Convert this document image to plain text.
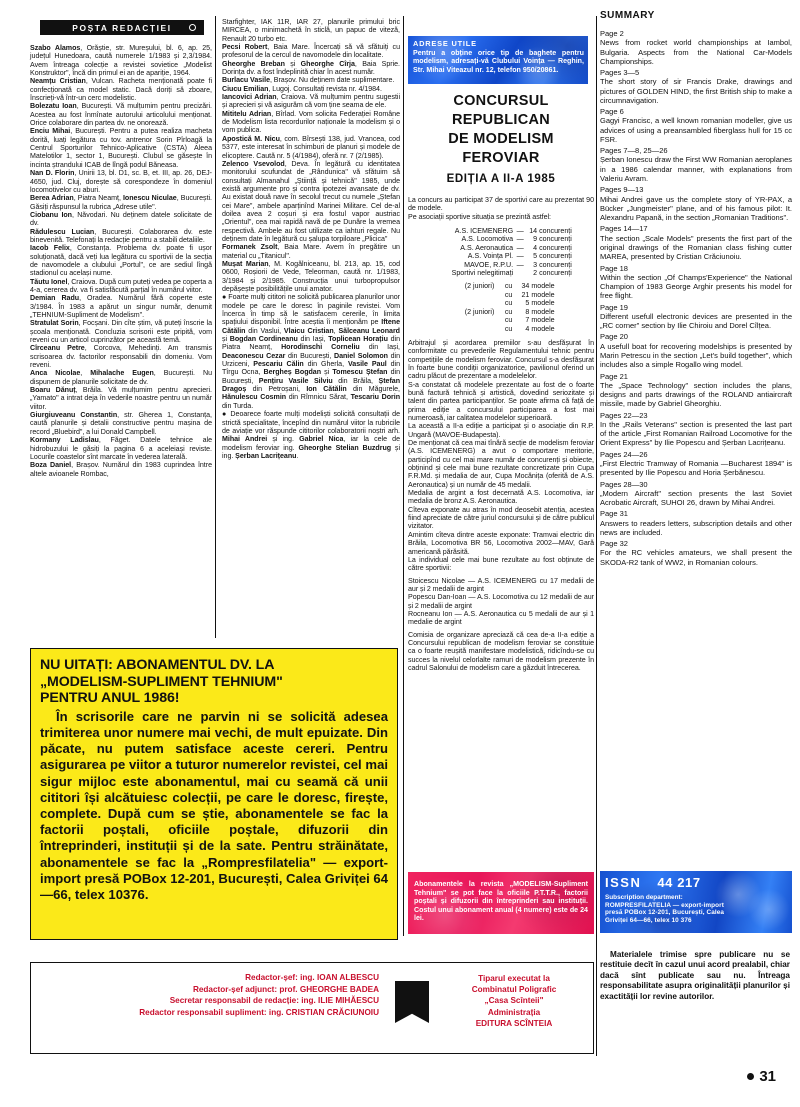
POȘTA REDACȚIEI

Szabo Alamos, Orăștie, str. Mureșului, bl. 6, ap. 25, județul Hunedoara, caută numerele 1/1983 și 2,3/1984. Avem întreaga colecție a revistei sovietice „Modelist Konstruktor", încă din primul ei an de apariție, 1964.

Neamțu Cristian, Vulcan. Racheta menționată poate fi confecționată ca model static. Dacă doriți să zboare, înscrieți-vă într-un cerc modelistic.

Bolezatu Ioan, București. Vă mulțumim pentru precizări. Acestea au fost înmînate autorului articolului menționat. Orice colaborare din partea dv. ne onorează.

Enciu Mihai, București. Pentru a putea realiza macheta dorită, luați legătura cu tov. antrenor Sorin Pîrloagă la Centrul Sporturilor Tehnico-Aplicative (CSTA) Aleea Matelotilor 1, sector 1, București. Clubul se găsește în incinta ștrandului ICAB de lîngă podul Băneasa.

Nan D. Florin, Unirii 13, bl. D1, sc. B, et. III, ap. 26, DEJ-4650, jud. Cluj, dorește să corespondeze în domeniul locomotivelor cu aburi.

Berea Adrian, Piatra Neamț, Ionescu Niculae, București. Găsiți răspunsul la rubrica „Adrese utile".

Ciobanu Ion, Năvodari. Nu deținem datele solicitate de dv.

Rădulescu Lucian, București. Colaborarea dv. este binevenită. Telefonați la redacție pentru a stabili detaliile.

Iacob Felix, Constanța. Problema dv. poate fi ușor soluționată, dacă veți lua legătura cu sportivii de la secția de navomodele a clubului „Portul", ce are sediul lîngă stadionul cu același nume.

Tăutu Ionel, Craiova. După cum puteți vedea pe coperta a 4-a, cererea dv. va fi satisfăcută parțial în numărul viitor.

Demian Radu, Oradea. Numărul fără coperte este 3/1984. În 1983 a apărut un singur număr, denumit „TEHNIUM-Supliment de Modelism".

Stratulat Sorin, Focșani. Din cîte știm, vă puteți înscrie la școala menționată. Concluzia scrisorii este pripită, vom reveni cu un articol cuprinzător pe această temă.

Cîrceanu Petre, Corcova, Mehedinți. Am transmis scrisoarea dv. factorilor responsabili din domeniu. Vom reveni.

Anca Nicolae, Mihalache Eugen, București. Nu dispunem de planurile solicitate de dv.

Boaru Dănuț, Brăila. Vă mulțumim pentru aprecieri. „Yamato" a intrat deja în vederile noastre pentru un număr viitor.

Giurgiuveanu Constantin, str. Gherea 1, Constanța, caută planurile și detalii constructive pentru mașina de record „Bluebird", a lui Donald Campbell.

Kormany Ladislau, Făget. Datele tehnice ale hidrobuzului le găsiți la pagina 6 a aceleiași reviste. Locurile coastelor sînt marcate în vederea laterală.

Boza Daniel, Brașov. Numărul din 1983 cuprindea între altele avioanele Rombac,

Starfighter, IAK 11R, IAR 27, planurile primului bric MIRCEA, o minimachetă în sticlă, un papuc de viteză, Renault 20 turbo etc.

Pecsi Robert, Baia Mare. Încercați să vă sfătuiți cu profesorul de la cercul de navomodele din localitate.

Gheorghe Breban și Gheorghe Cîrja, Baia Sprie. Dorința dv. a fost îndeplinită chiar în acest număr.

Burlacu Vasile, Brașov. Nu deținem date suplimentare.

Ciucu Emilian, Lugoj. Consultați revista nr. 4/1984.

Iancovici Adrian, Craiova. Vă mulțumim pentru sugestii și aprecieri și vă asigurăm că vom ține seama de ele.

Mititelu Adrian, Bîrlad. Vom solicita Federației Române de Modelism lista recordurilor naționale la modelism și o vom publica.

Apostică M. Nicu, com. Bîrsești 138, jud. Vrancea, cod 5377, este interesat în schimburi de planuri și modele de elicoptere. Caută nr. 5 (4/1984), oferă nr. 7 (2/1985).

Zelenco Vsevolod, Deva. În legătură cu identitatea monitorului scufundat de „Rândunica" vă sfătuim să consultați Almanahul „Știință și tehnică" 1985, unde există argumente pro și contra ipotezei avansate de dv. Au existat două nave în secolul trecut cu numele „Ștefan cei Mare", ambele aparținînd Marinei Militare. Cel de-al doilea avea 2 coșuri și era fostul vapor austriac „Orientul", cea mai rapidă navă de pe Dunăre la vremea respectivă. Ambele au fost utilizate ca iahturi regale. Nu deținem date în legătură cu șalupa torpiloare „Plicica"

Formanek Zsolt, Baia Mare. Avem în pregătire un material cu „Titanicul".

Mușat Marian, M. Kogălniceanu, bl. 213, ap. 15, cod 0600, Roșiorii de Vede, Teleorman, caută nr. 1/1983, 3/1984 și 2/1985. Construcția unui turbopropulsor depășește posibilitățile unui amator.

● Foarte mulți cititori ne solicită publicarea planurilor unor modele pe care le doresc în paginile revistei. Vom încerca în timp să le satisfacem cererile, în limita spațiului disponibil. Între aceștia îi menționăm pe Iftene Cătălin din Vaslui, Vlaicu Cristian, Sălceanu Leonard și Bogdan Cordineanu din Iași, Toplicean Horațiu din Piatra Neamț, Horodinschi Corneliu din Iași, Deaconescu Cezar din București, Daniel Solomon din Urziceni, Pescariu Călin din Gherla, Vasile Paul din Tîrgu Ocna, Bergheș Bogdan și Tomescu Ștefan din București, Pențiru Vasile Silviu din Brăila, Ștefan Dragoș din Petroșani, Ion Cătălin din Măgurele, Hănulescu Cosmin din Rîmnicu Sărat, Tescariu Dorin din Turda.

● Deoarece foarte mulți modeliști solicită consultații de strictă specialitate, începînd din numărul viitor la rubricile de aviație vor răspunde cititorilor colaboratorii noștri arh. Mihai Andrei și ing. Gabriel Nica, iar la cele de modelism feroviar ing. Gheorghe Stelian Buzdrug și ing. Șerban Lacrițeanu.

ADRESE UTILE
Pentru a obține orice tip de baghete pentru modelism, adresați-vă Clubului Voința — Reghin, Str. Mihai Viteazul nr. 12, telefon 950/20861.
CONCURSUL
REPUBLICAN
DE MODELISM
FEROVIAR
EDIȚIA A II-A 1985

La concurs au participat 37 de sportivi care au prezentat 90 de modele.

Pe asociații sportive situația se prezintă astfel:

A.S. ICEMENERG	—	14	concurenți
A.S. Locomotiva	—	9	concurenți
A.S. Aeronautica	—	4	concurenți
A.S. Voința Pl.	—	5	concurenți
MAVOE, R.P.U.	—	3	concurenți
Sportivi nelegitimați		2	concurenți
(2 juniori)	cu	34	modele
	cu	21	modele
	cu	5	modele
(2 juniori)	cu	8	modele
	cu	7	modele
	cu	4	modele

Arbitrajul și acordarea premiilor s-au desfășurat în conformitate cu prevederile Regulamentului tehnic pentru competițiile de modelism feroviar. Concursul s-a desfășurat în foarte bune condiții organizatorice, pavilionul oferind un cadru plăcut de prezentare a modelelelor.

S-a constatat că modelele prezentate au fost de o foarte bună factură tehnică și artistică, dovedind seriozitate și talent din partea participanților. Se poate afirma că față de prima ediție a concursului participarea a fost mai numeroasă, iar calitatea modelelor superioară.

La această a II-a ediție a participat și o asociație din R.P. Ungară (MAVOE-Budapesta).

De menționat că cea mai tînără secție de modelism feroviar (A.S. ICEMENERG) a avut o comportare meritorie, participînd cu cel mai mare număr de concurenți și obiecte, obținind și cele mai bune rezultate concretizate prin Cupa F.R.Md. și medalia de aur, Cupa Mocănița (oferită de A.S. Aeronautica) și un număr de 45 medalii.

Medalia de argint a fost decernată A.S. Locomotiva, iar medalia de bronz A.S. Aeronautica.

Cîteva exponate au atras în mod deosebit atenția, acestea fiind apreciate de către juriul concursului și de către publicul vizitator.

Amintim cîteva dintre aceste exponate: Tramvai electric din Brăila, Locomotiva BR 56, Locomotiva 2002—MAV, Gară americană părăsită.

La individual cele mai bune rezultate au fost obținute de către sportivii:

Stoicescu Nicolae — A.S. ICEMENERG cu 17 medalii de aur și 2 medalii de argint

Popescu Dan-Ioan — A.S. Locomotiva cu 12 medalii de aur și 2 medalii de argint

Rocneanu Ion — A.S. Aeronautica cu 5 medalii de aur și 1 medalie de argint

Comisia de organizare apreciază că cea de-a II-a ediție a Concursului republican de modelism feroviar se constituie ca o foarte reușită manifestare modelistică, ridicîndu-se cu succes la nivelul celorlalte ramuri de modelism prezente în cadrul Salonului de modelism care a găzduit întrecerea.

SUMMARY
Page 2
News from rocket world championships at Iambol, Bulgaria. Aspects from the National Car-Models Championships.
Pages 3—5
The short story of sir Francis Drake, drawings and pictures of GOLDEN HIND, the first British ship to make a circumnavigation.
Page 6
Gagyi Francisc, a well known romanian modeller, give us advices of using a preansambled fiberglass hull for 15 cc FSR.
Pages 7—8, 25—26
Șerban Ionescu draw the First WW Romanian aeroplanes in a 1986 calendar manner, with explanations from Valeriu Avram.
Pages 9—13
Mihai Andrei gave us the complete story of YR-PAX, a Bücker „Jungmeister" plane, and of his famous pilot: It. Alexandru Papană, in the section „Romanian Traditions".
Pages 14—17
The section „Scale Models" presents the first part of the original drawings of the Romanian class fishing cutter MAREA, presented by Cristian Crăciunoiu.
Page 18
Within the section „Of Champs'Experience" the National Champion of 1983 George Arghir presents his model for free flight.
Page 19
Different usefull electronic devices are presented in the „RC corner" section by Ilie Chiroiu and Dorel Cîlțea.
Page 20
A usefull boat for recovering modelships is presented by Marin Petrescu in the section „Let's build together", which includes also a simple Rogallo wing model.
Page 21
The „Space Technology" section includes the plans, designs and parts drawings of the ROLAND antiaircraft missile, made by Gabriel Gheorghiu.
Pages 22—23
In the „Rails Veterans" section is presented the last part of the article „First Romanian Railroad Locomotive for the Orient Express" by Ilie Popescu and Șerban Lacrițeanu.
Pages 24—26
„First Electric Tramway of Romania —Bucharest 1894" is presented by Ilie Popescu and Horia Șerbănescu.
Pages 28—30
„Modern Aircraft" section presents the last Soviet Acrobatic Aircraft, SUHOI 26, drawn by Mihai Andrei.
Page 31
Answers to readers letters, subscription details and other news are included.
Page 32
For the RC vehicles amateurs, we shall present the SKODA-R2 tank of WW2, in Romanian colours.
NU UITAȚI: ABONAMENTUL DV. LA
„MODELISM-SUPLIMENT TEHNIUM"
PENTRU ANUL 1986!

În scrisorile care ne parvin ni se solicită adesea trimiterea unor numere mai vechi, de mult epuizate. Din păcate, nu putem satisface aceste cereri. Pentru asigurarea pe viitor a tuturor numerelor revistei, cel mai sigur mijloc este abonamentul, mai cu seamă că unii cititori își alcătuiesc colecții, pe care le doresc, firește, complete. După cum se știe, abonamentele se fac la factorii poștali, oficiile poștale, difuzorii din întreprinderi, instituții și de la sate. Pentru străinătate, abonamentele se fac la „Rompresfilatelia" — export-import presă POBox 12-201, București, Calea Griviței 64—66, telex 10376.

Abonamentele la revista „MODELISM-Supliment Tehnium" se pot face la oficiile P.T.T.R., factorii poștali și difuzorii din întreprinderi sau instituții. Costul unui abonament anual (4 numere) este de 24 lei.
ISSN 44 217
Subscription department:
ROMPRESFILATELIA — export-import
presă POBox 12-201, București, Calea
Griviței 64—66, telex 10 376

Materialele trimise spre publicare nu se restituie decît în cazul unui acord prealabil, chiar dacă sînt publicate sau nu. Întreaga responsabilitate asupra originalității planurilor și exactității lor revine autorilor.

Redactor-șef: ing. IOAN ALBESCU
Redactor-șef adjunct: prof. GHEORGHE BADEA
Secretar responsabil de redacție: ing. ILIE MIHĂESCU
Redactor responsabil supliment: ing. CRISTIAN CRĂCIUNOIU
Tiparul executat la
Combinatul Poligrafic
„Casa Scînteii"
Administrația
EDITURA SCÎNTEIA
31
